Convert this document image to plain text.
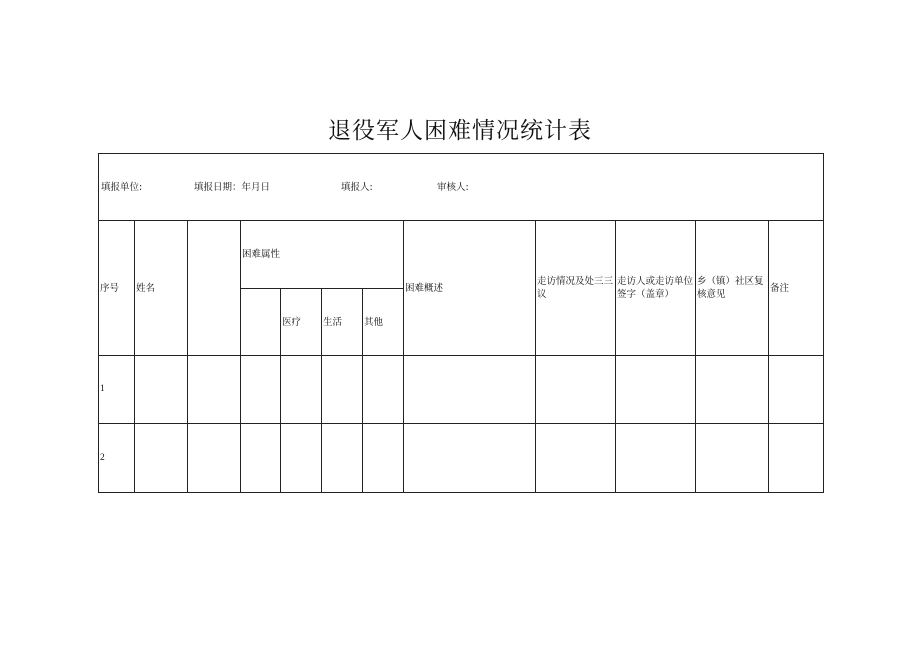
退役军人困难情况统计表
填报单位: 填报日期：年月日 填报人: 审核人:											

序号	姓名		困难属性				困难概述	走访情况及处三三议	走访人或走访单位签字（盖章）	乡（镇）社区复核意见	备注
				医疗	生活	其他					
1											
2											
